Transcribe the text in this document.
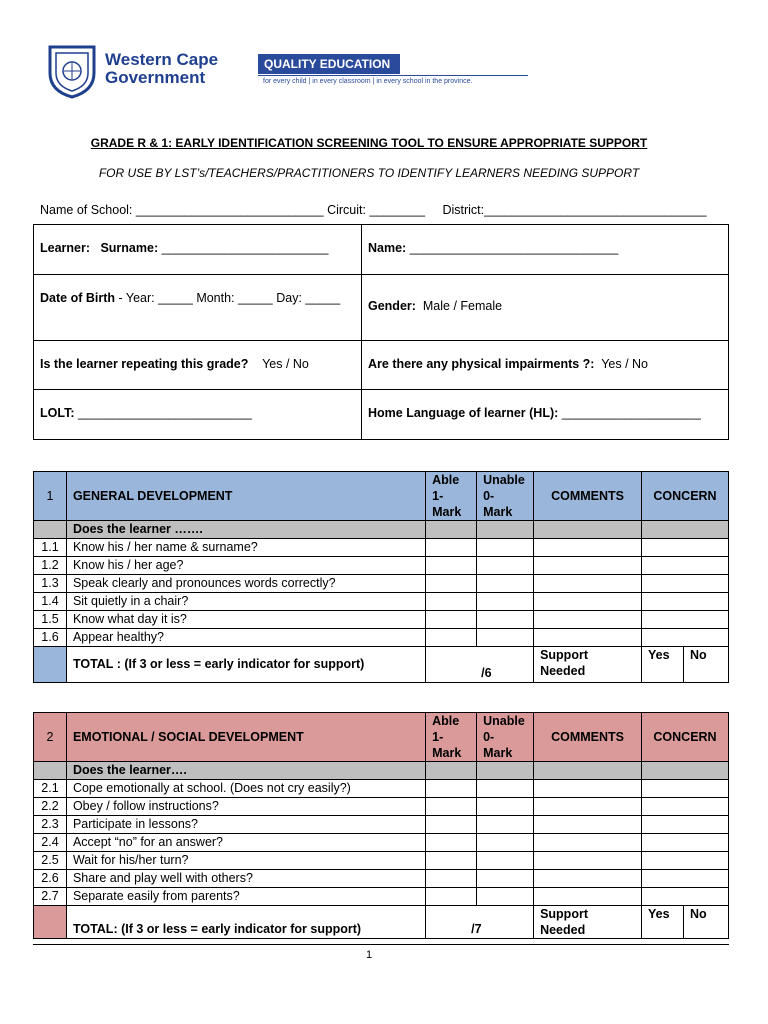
Western Cape
Government
QUALITY EDUCATION
for every child | in every classroom | in every school in the province.
GRADE R & 1: EARLY IDENTIFICATION SCREENING TOOL TO ENSURE APPROPRIATE SUPPORT
FOR USE BY LST’s/TEACHERS/PRACTITIONERS TO IDENTIFY LEARNERS NEEDING SUPPORT
Name of School: ___________________________ Circuit: ________     District:________________________________
Learner: Surname: ________________________	Name: ______________________________
Date of Birth - Year: _____ Month: _____ Day: _____	Gender: Male / Female
Is the learner repeating this grade? Yes / No	Are there any physical impairments ?: Yes / No
LOLT: _________________________	Home Language of learner (HL): ____________________
1	GENERAL DEVELOPMENT	Able
1-
Mark	Unable
0-
Mark	COMMENTS	CONCERN	
	Does the learner …….					
1.1	Know his / her name & surname?					
1.2	Know his / her age?					
1.3	Speak clearly and pronounces words correctly?					
1.4	Sit quietly in a chair?					
1.5	Know what day it is?					
1.6	Appear healthy?					
	TOTAL : (If 3 or less = early indicator for support)	/6		Support
Needed	Yes	No
2	EMOTIONAL / SOCIAL DEVELOPMENT	Able
1-
Mark	Unable
0-
Mark	COMMENTS	CONCERN	
	Does the learner….					
2.1	Cope emotionally at school. (Does not cry easily?)					
2.2	Obey / follow instructions?					
2.3	Participate in lessons?					
2.4	Accept “no” for an answer?					
2.5	Wait for his/her turn?					
2.6	Share and play well with others?					
2.7	Separate easily from parents?					
	TOTAL: (If 3 or less = early indicator for support)	/7		Support
Needed	Yes	No
1
